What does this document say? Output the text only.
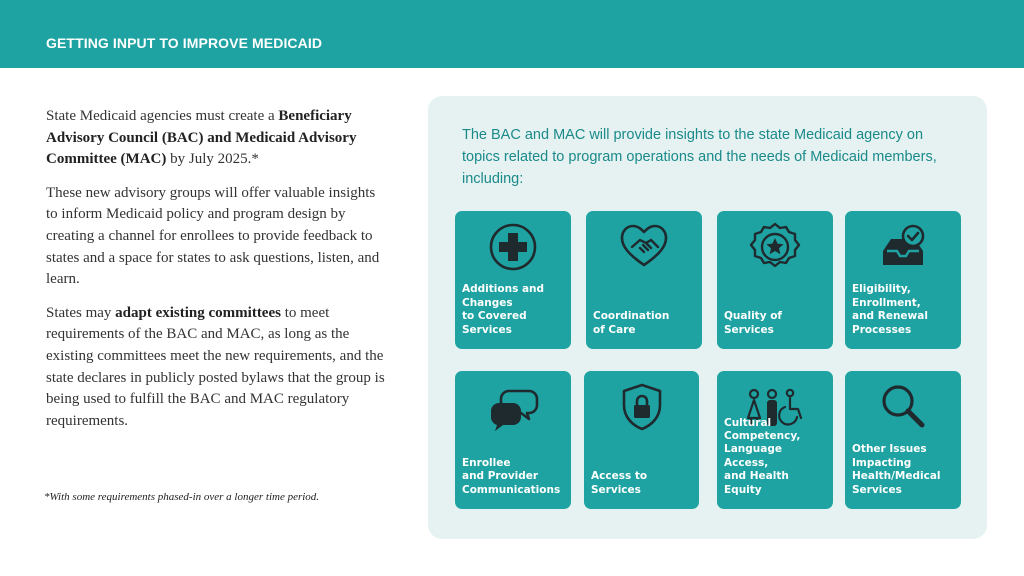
GETTING INPUT TO IMPROVE MEDICAID

State Medicaid agencies must create a Beneficiary Advisory Council (BAC) and Medicaid Advisory Committee (MAC) by July 2025.*

These new advisory groups will offer valuable insights to inform Medicaid policy and program design by creating a channel for enrollees to provide feedback to states and a space for states to ask questions, listen, and learn.

States may adapt existing committees to meet requirements of the BAC and MAC, as long as the existing committees meet the new requirements, and the state declares in publicly posted bylaws that the group is being used to fulfill the BAC and MAC regulatory requirements.

*With some requirements phased-in over a longer time period.
The BAC and MAC will provide insights to the state Medicaid agency on topics related to program operations and the needs of Medicaid members, including:
Additions and
Changes
to Covered
Services
Coordination
of Care
Quality of
Services
Eligibility,
Enrollment,
and Renewal
Processes
Enrollee
and Provider
Communications
Access to
Services
Cultural
Competency,
Language Access,
and Health Equity
Other Issues
Impacting
Health/Medical
Services
